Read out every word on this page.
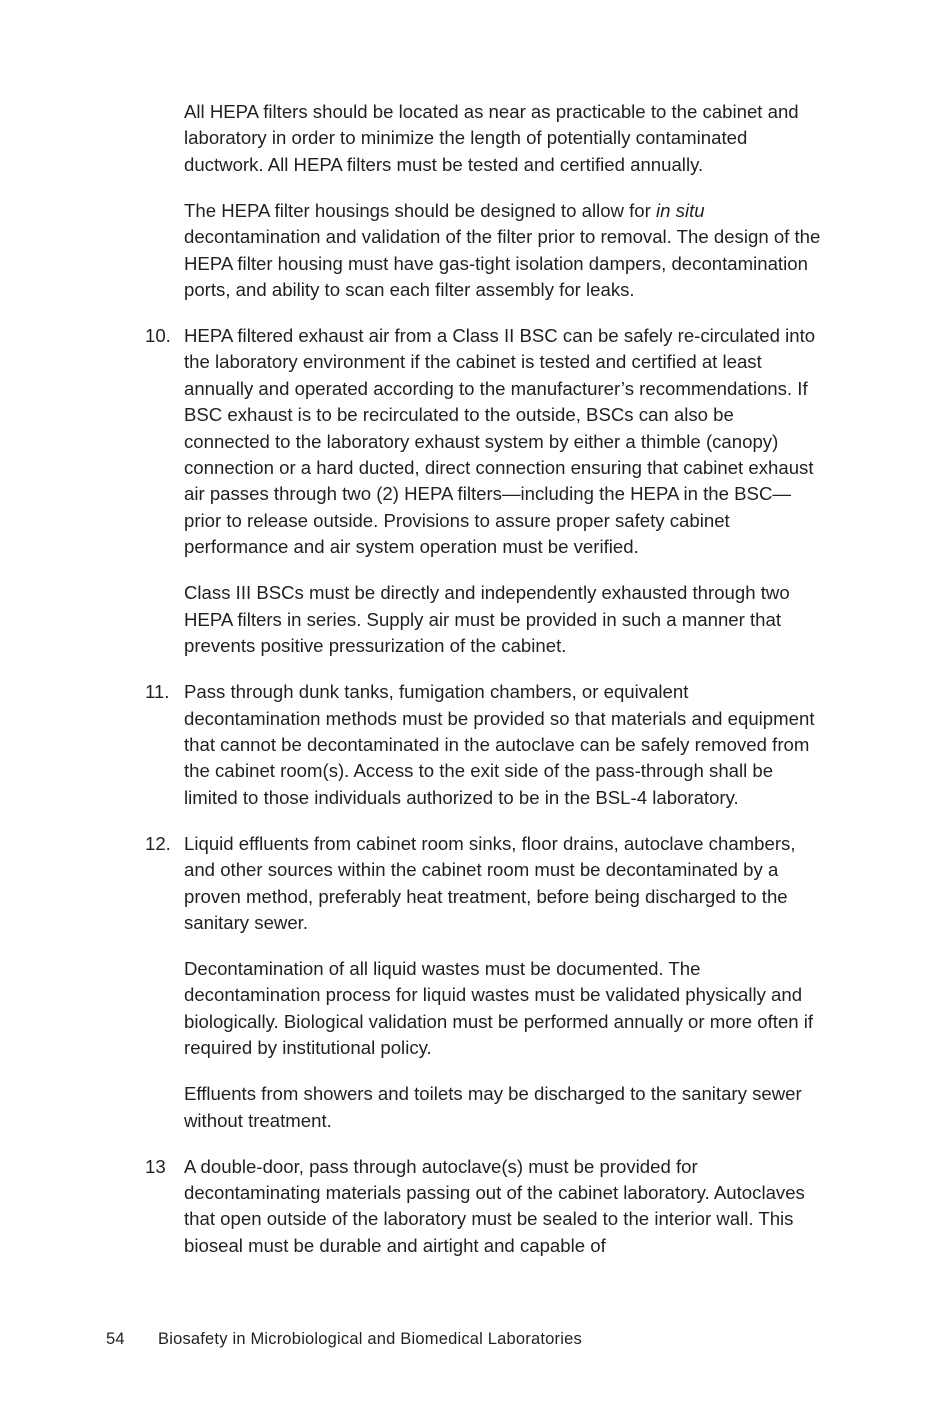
All HEPA filters should be located as near as practicable to the cabinet and laboratory in order to minimize the length of potentially contaminated ductwork. All HEPA filters must be tested and certified annually.

The HEPA filter housings should be designed to allow for in situ decontamination and validation of the filter prior to removal. The design of the HEPA filter housing must have gas-tight isolation dampers, decontamination ports, and ability to scan each filter assembly for leaks.

10. HEPA filtered exhaust air from a Class II BSC can be safely re-circulated into the laboratory environment if the cabinet is tested and certified at least annually and operated according to the manufacturer’s recommendations. If BSC exhaust is to be recirculated to the outside, BSCs can also be connected to the laboratory exhaust system by either a thimble (canopy) connection or a hard ducted, direct connection ensuring that cabinet exhaust air passes through two (2) HEPA filters—including the HEPA in the BSC—prior to release outside. Provisions to assure proper safety cabinet performance and air system operation must be verified.

Class III BSCs must be directly and independently exhausted through two HEPA filters in series. Supply air must be provided in such a manner that prevents positive pressurization of the cabinet.

11. Pass through dunk tanks, fumigation chambers, or equivalent decontamination methods must be provided so that materials and equipment that cannot be decontaminated in the autoclave can be safely removed from the cabinet room(s). Access to the exit side of the pass-through shall be limited to those individuals authorized to be in the BSL-4 laboratory.
12. Liquid effluents from cabinet room sinks, floor drains, autoclave chambers, and other sources within the cabinet room must be decontaminated by a proven method, preferably heat treatment, before being discharged to the sanitary sewer.

Decontamination of all liquid wastes must be documented. The decontamination process for liquid wastes must be validated physically and biologically. Biological validation must be performed annually or more often if required by institutional policy.

Effluents from showers and toilets may be discharged to the sanitary sewer without treatment.

13 A double-door, pass through autoclave(s) must be provided for decontaminating materials passing out of the cabinet laboratory. Autoclaves that open outside of the laboratory must be sealed to the interior wall. This bioseal must be durable and airtight and capable of
54 Biosafety in Microbiological and Biomedical Laboratories
